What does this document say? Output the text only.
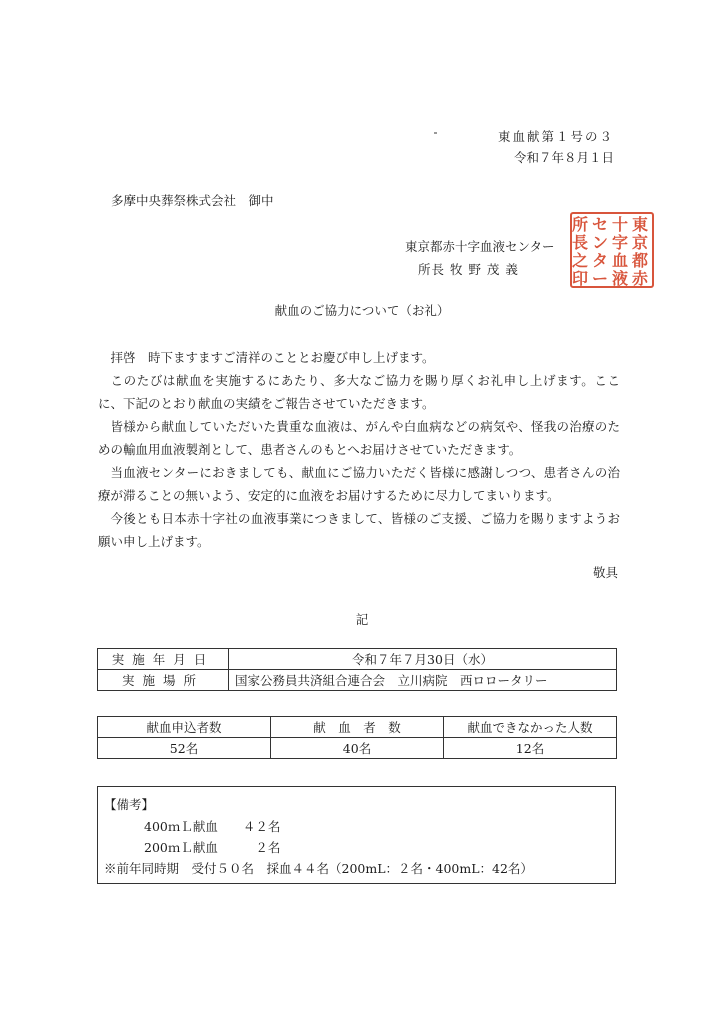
東血献第１号の３
令和７年８月１日
多摩中央葬祭株式会社　御中
東京都赤十字血液センター
所長 牧 野 茂 義
東
京
都
赤
十
字
血
液
セ
ン
タ
ー
所
長
之
印
献血のご協力について（お礼）

拝啓　時下ますますご清祥のこととお慶び申し上げます。

このたびは献血を実施するにあたり、多大なご協力を賜り厚くお礼申し上げます。ここに、下記のとおり献血の実績をご報告させていただきます。

皆様から献血していただいた貴重な血液は、がんや白血病などの病気や、怪我の治療のための輸血用血液製剤として、患者さんのもとへお届けさせていただきます。

当血液センターにおきましても、献血にご協力いただく皆様に感謝しつつ、患者さんの治療が滞ることの無いよう、安定的に血液をお届けするために尽力してまいります。

今後とも日本赤十字社の血液事業につきまして、皆様のご支援、ご協力を賜りますようお願い申し上げます。

敬具
記
実施年月日	令和７年７月30日（水）
実施場所	国家公務員共済組合連合会　立川病院　西ロロータリー
献血申込者数	献　血　者　数	献血できなかった人数
52名	40名	12名
【備考】
400ｍＬ献血　　４２名
200ｍＬ献血　　　２名
※前年同時期　受付５０名　採血４４名（200mL：２名・400mL：42名）
